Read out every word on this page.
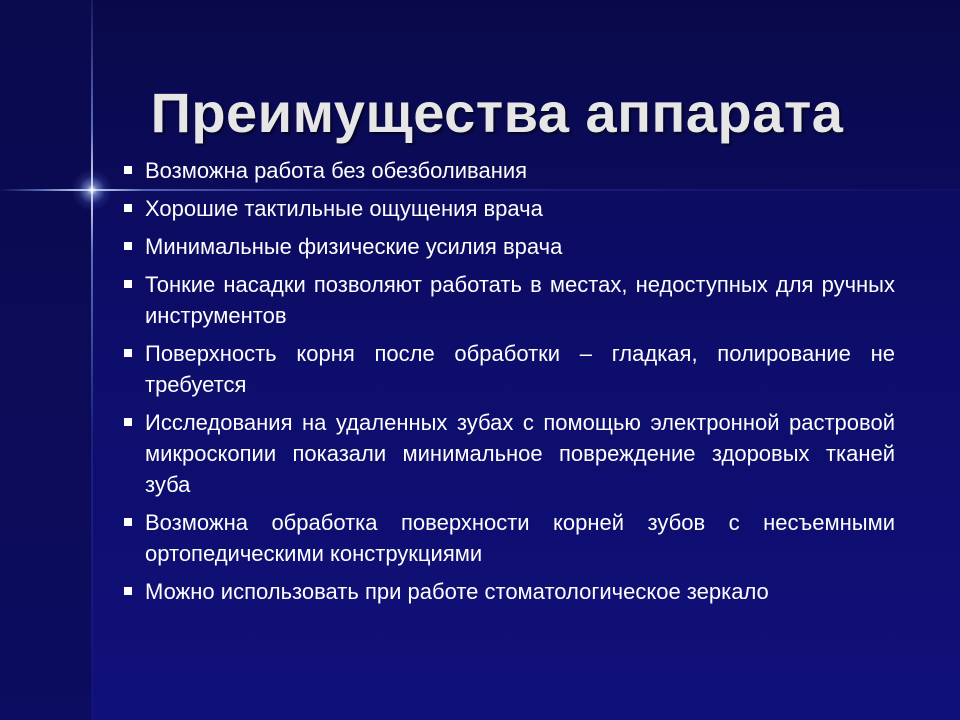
Преимущества аппарата
Возможна работа без обезболивания
Хорошие тактильные ощущения врача
Минимальные физические усилия врача
Тонкие насадки позволяют работать в местах, недоступных для ручных инструментов
Поверхность корня после обработки – гладкая, полирование не требуется
Исследования на удаленных зубах с помощью электронной растровой микроскопии показали минимальное повреждение здоровых тканей зуба
Возможна обработка поверхности корней зубов с несъемными ортопедическими конструкциями
Можно использовать при работе стоматологическое зеркало
